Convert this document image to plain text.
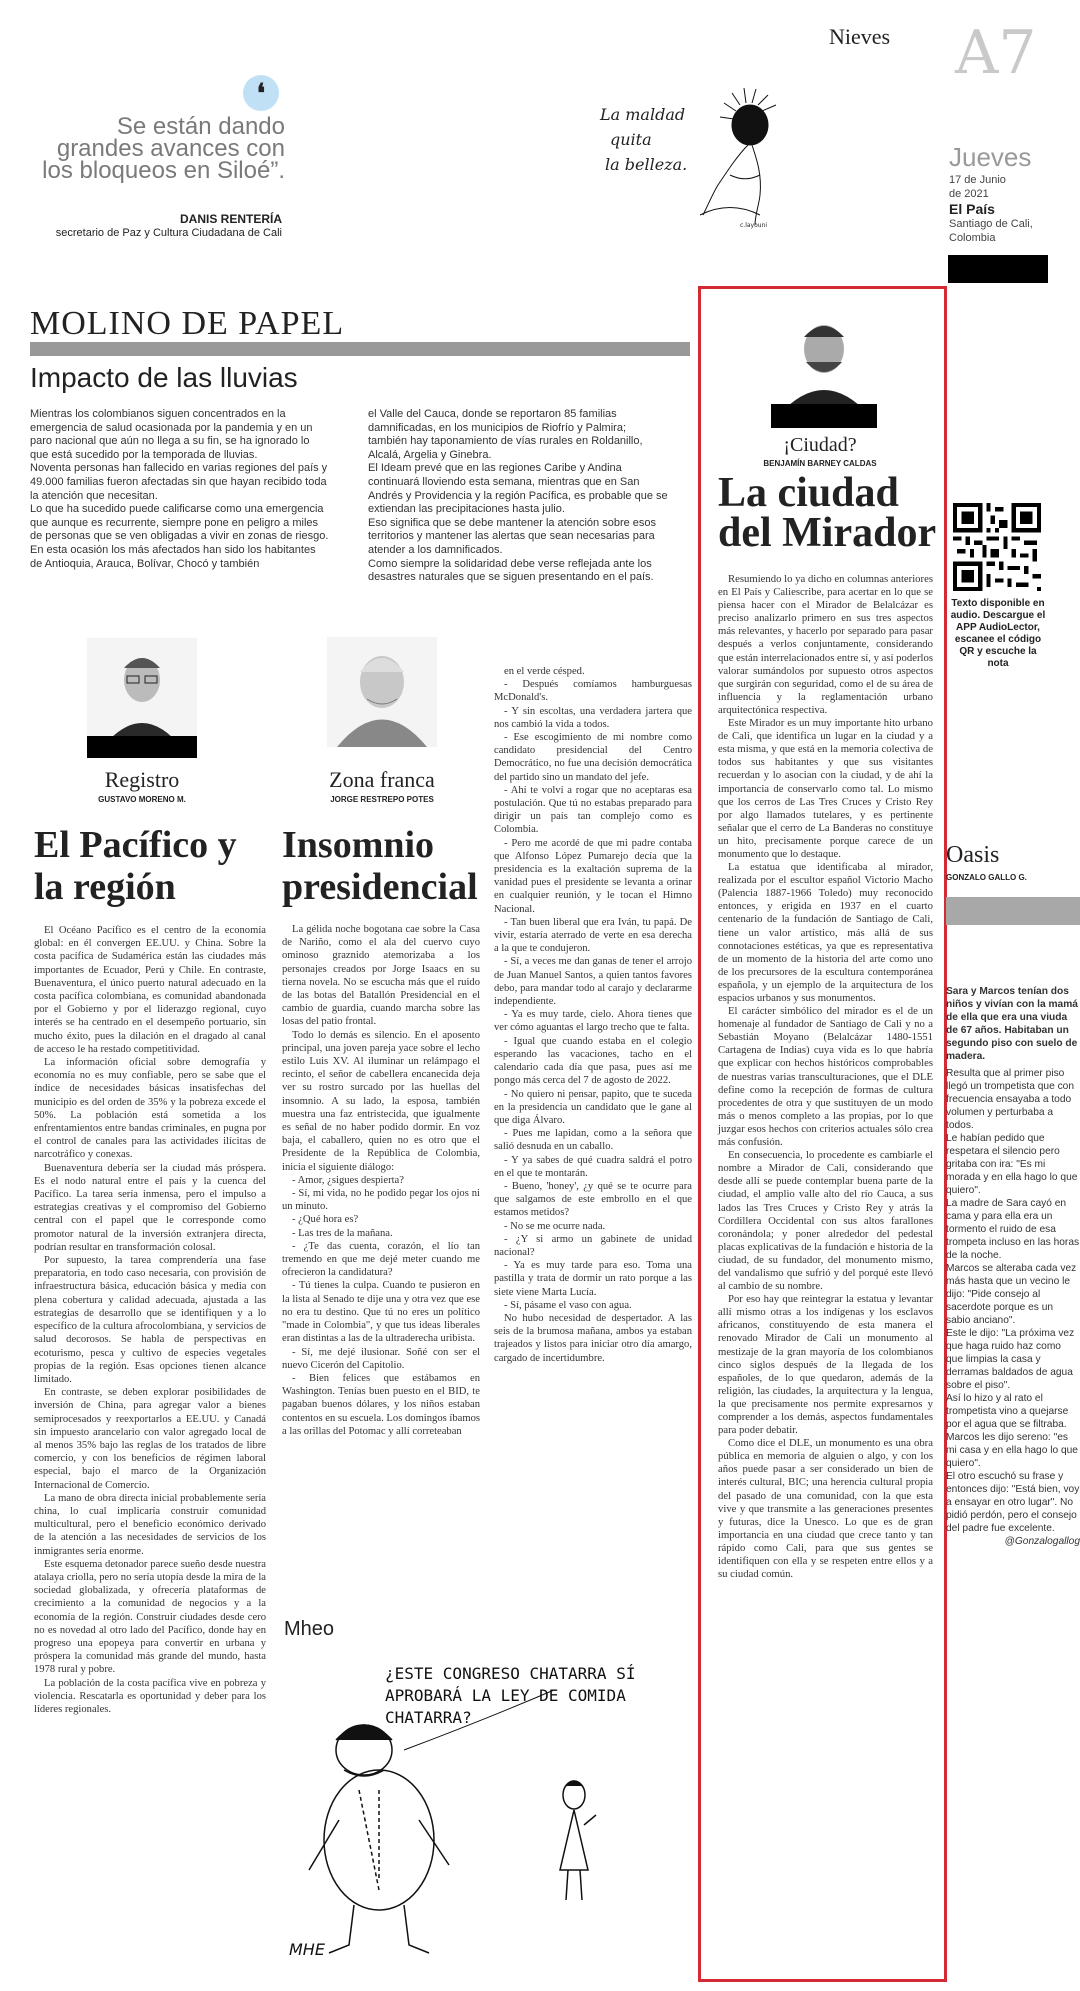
Nieves A7
Jueves
17 de Junio
de 2021
El País
Santiago de Cali,
Colombia
❛
Se están dando grandes avances con los bloqueos en Siloé”.
DANIS RENTERÍA
secretario de Paz y Cultura Ciudadana de Cali
La maldad
quita
la belleza.
c.layouni
MOLINO DE PAPEL
Impacto de las lluvias

Mientras los colombianos siguen concentrados en la emergencia de salud ocasionada por la pandemia y en un paro nacional que aún no llega a su fin, se ha ignorado lo que está sucedido por la temporada de lluvias.

Noventa personas han fallecido en varias regiones del país y 49.000 familias fueron afectadas sin que hayan recibido toda la atención que necesitan.

Lo que ha sucedido puede calificarse como una emergencia que aunque es recurrente, siempre pone en peligro a miles de personas que se ven obligadas a vivir en zonas de riesgo.

En esta ocasión los más afectados han sido los habitantes de Antioquia, Arauca, Bolívar, Chocó y también

el Valle del Cauca, donde se reportaron 85 familias damnificadas, en los municipios de Riofrío y Palmira; también hay taponamiento de vías rurales en Roldanillo, Alcalá, Argelia y Ginebra.

El Ideam prevé que en las regiones Caribe y Andina continuará lloviendo esta semana, mientras que en San Andrés y Providencia y la región Pacífica, es probable que se extiendan las precipitaciones hasta julio.

Eso significa que se debe mantener la atención sobre esos territorios y mantener las alertas que sean necesarias para atender a los damnificados.

Como siempre la solidaridad debe verse reflejada ante los desastres naturales que se siguen presentando en el país.

Registro
GUSTAVO MORENO M.
El Pacífico y la región

El Océano Pacífico es el centro de la economía global: en él convergen EE.UU. y China. Sobre la costa pacífica de Sudamérica están las ciudades más importantes de Ecuador, Perú y Chile. En contraste, Buenaventura, el único puerto natural adecuado en la costa pacífica colombiana, es comunidad abandonada por el Gobierno y por el liderazgo regional, cuyo interés se ha centrado en el desempeño portuario, sin mucho éxito, pues la dilación en el dragado al canal de acceso le ha restado competitividad.

La información oficial sobre demografía y economía no es muy confiable, pero se sabe que el índice de necesidades básicas insatisfechas del municipio es del orden de 35% y la pobreza excede el 50%. La población está sometida a los enfrentamientos entre bandas criminales, en pugna por el control de canales para las actividades ilícitas de narcotráfico y conexas.

Buenaventura debería ser la ciudad más próspera. Es el nodo natural entre el país y la cuenca del Pacífico. La tarea sería inmensa, pero el impulso a estrategias creativas y el compromiso del Gobierno central con el papel que le corresponde como promotor natural de la inversión extranjera directa, podrían resultar en transformación colosal.

Por supuesto, la tarea comprendería una fase preparatoria, en todo caso necesaria, con provisión de infraestructura básica, educación básica y media con plena cobertura y calidad adecuada, ajustada a las estrategias de desarrollo que se identifiquen y a lo específico de la cultura afrocolombiana, y servicios de salud decorosos. Se habla de perspectivas en ecoturismo, pesca y cultivo de especies vegetales propias de la región. Esas opciones tienen alcance limitado.

En contraste, se deben explorar posibilidades de inversión de China, para agregar valor a bienes semiprocesados y reexportarlos a EE.UU. y Canadá sin impuesto arancelario con valor agregado local de al menos 35% bajo las reglas de los tratados de libre comercio, y con los beneficios de régimen laboral especial, bajo el marco de la Organización Internacional de Comercio.

La mano de obra directa inicial probablemente sería china, lo cual implicaría construir comunidad multicultural, pero el beneficio económico derivado de la atención a las necesidades de servicios de los inmigrantes sería enorme.

Este esquema detonador parece sueño desde nuestra atalaya criolla, pero no sería utopía desde la mira de la sociedad globalizada, y ofrecería plataformas de crecimiento a la comunidad de negocios y a la economía de la región. Construir ciudades desde cero no es novedad al otro lado del Pacífico, donde hay en progreso una epopeya para convertir en urbana y próspera la comunidad más grande del mundo, hasta 1978 rural y pobre.

La población de la costa pacífica vive en pobreza y violencia. Rescatarla es oportunidad y deber para los líderes regionales.

Zona franca
JORGE RESTREPO POTES
Insomnio presidencial

La gélida noche bogotana cae sobre la Casa de Nariño, como el ala del cuervo cuyo ominoso graznido atemorizaba a los personajes creados por Jorge Isaacs en su tierna novela. No se escucha más que el ruido de las botas del Batallón Presidencial en el cambio de guardia, cuando marcha sobre las losas del patio frontal.

Todo lo demás es silencio. En el aposento principal, una joven pareja yace sobre el lecho estilo Luis XV. Al iluminar un relámpago el recinto, el señor de cabellera encanecida deja ver su rostro surcado por las huellas del insomnio. A su lado, la esposa, también muestra una faz entristecida, que igualmente es señal de no haber podido dormir. En voz baja, el caballero, quien no es otro que el Presidente de la República de Colombia, inicia el siguiente diálogo:

- Amor, ¿sigues despierta?

- Sí, mi vida, no he podido pegar los ojos ni un minuto.

- ¿Qué hora es?

- Las tres de la mañana.

- ¿Te das cuenta, corazón, el lío tan tremendo en que me dejé meter cuando me ofrecieron la candidatura?

- Tú tienes la culpa. Cuando te pusieron en la lista al Senado te dije una y otra vez que ese no era tu destino. Que tú no eres un político "made in Colombia", y que tus ideas liberales eran distintas a las de la ultraderecha uribista.

- Sí, me dejé ilusionar. Soñé con ser el nuevo Cicerón del Capitolio.

- Bien felices que estábamos en Washington. Tenías buen puesto en el BID, te pagaban buenos dólares, y los niños estaban contentos en su escuela. Los domingos íbamos a las orillas del Potomac y allí correteaban

en el verde césped.

- Después comíamos hamburguesas McDonald's.

- Y sin escoltas, una verdadera jartera que nos cambió la vida a todos.

- Ese escogimiento de mi nombre como candidato presidencial del Centro Democrático, no fue una decisión democrática del partido sino un mandato del jefe.

- Ahí te volví a rogar que no aceptaras esa postulación. Que tú no estabas preparado para dirigir un país tan complejo como es Colombia.

- Pero me acordé de que mi padre contaba que Alfonso López Pumarejo decía que la presidencia es la exaltación suprema de la vanidad pues el presidente se levanta a orinar en cualquier reunión, y le tocan el Himno Nacional.

- Tan buen liberal que era Iván, tu papá. De vivir, estaría aterrado de verte en esa derecha a la que te condujeron.

- Sí, a veces me dan ganas de tener el arrojo de Juan Manuel Santos, a quien tantos favores debo, para mandar todo al carajo y declararme independiente.

- Ya es muy tarde, cielo. Ahora tienes que ver cómo aguantas el largo trecho que te falta.

- Igual que cuando estaba en el colegio esperando las vacaciones, tacho en el calendario cada día que pasa, pues así me pongo más cerca del 7 de agosto de 2022.

- No quiero ni pensar, papito, que te suceda en la presidencia un candidato que le gane al que diga Álvaro.

- Pues me lapidan, como a la señora que salió desnuda en un caballo.

- Y ya sabes de qué cuadra saldrá el potro en el que te montarán.

- Bueno, 'honey', ¿y qué se te ocurre para que salgamos de este embrollo en el que estamos metidos?

- No se me ocurre nada.

- ¿Y si armo un gabinete de unidad nacional?

- Ya es muy tarde para eso. Toma una pastilla y trata de dormir un rato porque a las siete viene Marta Lucía.

- Sí, pásame el vaso con agua.

No hubo necesidad de despertador. A las seis de la brumosa mañana, ambos ya estaban trajeados y listos para iniciar otro día amargo, cargado de incertidumbre.

Mheo
MHE
¿ESTE CONGRESO CHATARRA SÍ APROBARÁ LA LEY DE COMIDA CHATARRA?
¡Ciudad?
BENJAMÍN BARNEY CALDAS
La ciudad del Mirador

Resumiendo lo ya dicho en columnas anteriores en El País y Caliescribe, para acertar en lo que se piensa hacer con el Mirador de Belalcázar es preciso analizarlo primero en sus tres aspectos más relevantes, y hacerlo por separado para pasar después a verlos conjuntamente, considerando que están interrelacionados entre sí, y así poderlos valorar sumándolos por supuesto otros aspectos que surgirán con seguridad, como el de su área de influencia y la reglamentación urbano arquitectónica respectiva.

Este Mirador es un muy importante hito urbano de Cali, que identifica un lugar en la ciudad y a esta misma, y que está en la memoria colectiva de todos sus habitantes y que sus visitantes recuerdan y lo asocian con la ciudad, y de ahí la importancia de conservarlo como tal. Lo mismo que los cerros de Las Tres Cruces y Cristo Rey por algo llamados tutelares, y es pertinente señalar que el cerro de La Banderas no constituye un hito, precisamente porque carece de un monumento que lo destaque.

La estatua que identificaba al mirador, realizada por el escultor español Victorio Macho (Palencia 1887-1966 Toledo) muy reconocido entonces, y erigida en 1937 en el cuarto centenario de la fundación de Santiago de Cali, tiene un valor artístico, más allá de sus connotaciones estéticas, ya que es representativa de un momento de la historia del arte como uno de los precursores de la escultura contemporánea española, y un ejemplo de la arquitectura de los espacios urbanos y sus monumentos.

El carácter simbólico del mirador es el de un homenaje al fundador de Santiago de Cali y no a Sebastián Moyano (Belalcázar 1480-1551 Cartagena de Indias) cuya vida es lo que habría que explicar con hechos históricos comprobables de nuestras varias transculturaciones, que el DLE define como la recepción de formas de cultura procedentes de otra y que sustituyen de un modo más o menos completo a las propias, por lo que juzgar esos hechos con criterios actuales sólo crea más confusión.

En consecuencia, lo procedente es cambiarle el nombre a Mirador de Cali, considerando que desde allí se puede contemplar buena parte de la ciudad, el amplio valle alto del río Cauca, a sus lados las Tres Cruces y Cristo Rey y atrás la Cordillera Occidental con sus altos farallones coronándola; y poner alrededor del pedestal placas explicativas de la fundación e historia de la ciudad, de su fundador, del monumento mismo, del vandalismo que sufrió y del porqué este llevó al cambio de su nombre.

Por eso hay que reintegrar la estatua y levantar allí mismo otras a los indígenas y los esclavos africanos, constituyendo de esta manera el renovado Mirador de Cali un monumento al mestizaje de la gran mayoría de los colombianos cinco siglos después de la llegada de los españoles, de lo que quedaron, además de la religión, las ciudades, la arquitectura y la lengua, la que precisamente nos permite expresarnos y comprender a los demás, aspectos fundamentales para poder debatir.

Como dice el DLE, un monumento es una obra pública en memoria de alguien o algo, y con los años puede pasar a ser considerado un bien de interés cultural, BIC; una herencia cultural propia del pasado de una comunidad, con la que esta vive y que transmite a las generaciones presentes y futuras, dice la Unesco. Lo que es de gran importancia en una ciudad que crece tanto y tan rápido como Cali, para que sus gentes se identifiquen con ella y se respeten entre ellos y a su ciudad común.

Texto disponible en audio. Descargue el APP AudioLector, escanee el código QR y escuche la nota
Oasis
GONZALO GALLO G.

Sara y Marcos tenían dos niños y vivían con la mamá de ella que era una viuda de 67 años. Habitaban un segundo piso con suelo de madera.

Resulta que al primer piso llegó un trompetista que con frecuencia ensayaba a todo volumen y perturbaba a todos.

Le habían pedido que respetara el silencio pero gritaba con ira: "Es mi morada y en ella hago lo que quiero".

La madre de Sara cayó en cama y para ella era un tormento el ruido de esa trompeta incluso en las horas de la noche.

Marcos se alteraba cada vez más hasta que un vecino le dijo: "Pide consejo al sacerdote porque es un sabio anciano".

Este le dijo: "La próxima vez que haga ruido haz como que limpias la casa y derramas baldados de agua sobre el piso".

Así lo hizo y al rato el trompetista vino a quejarse por el agua que se filtraba. Marcos les dijo sereno: "es mi casa y en ella hago lo que quiero".

El otro escuchó su frase y entonces dijo: "Está bien, voy a ensayar en otro lugar". No pidió perdón, pero el consejo del padre fue excelente.

@Gonzalogallog
